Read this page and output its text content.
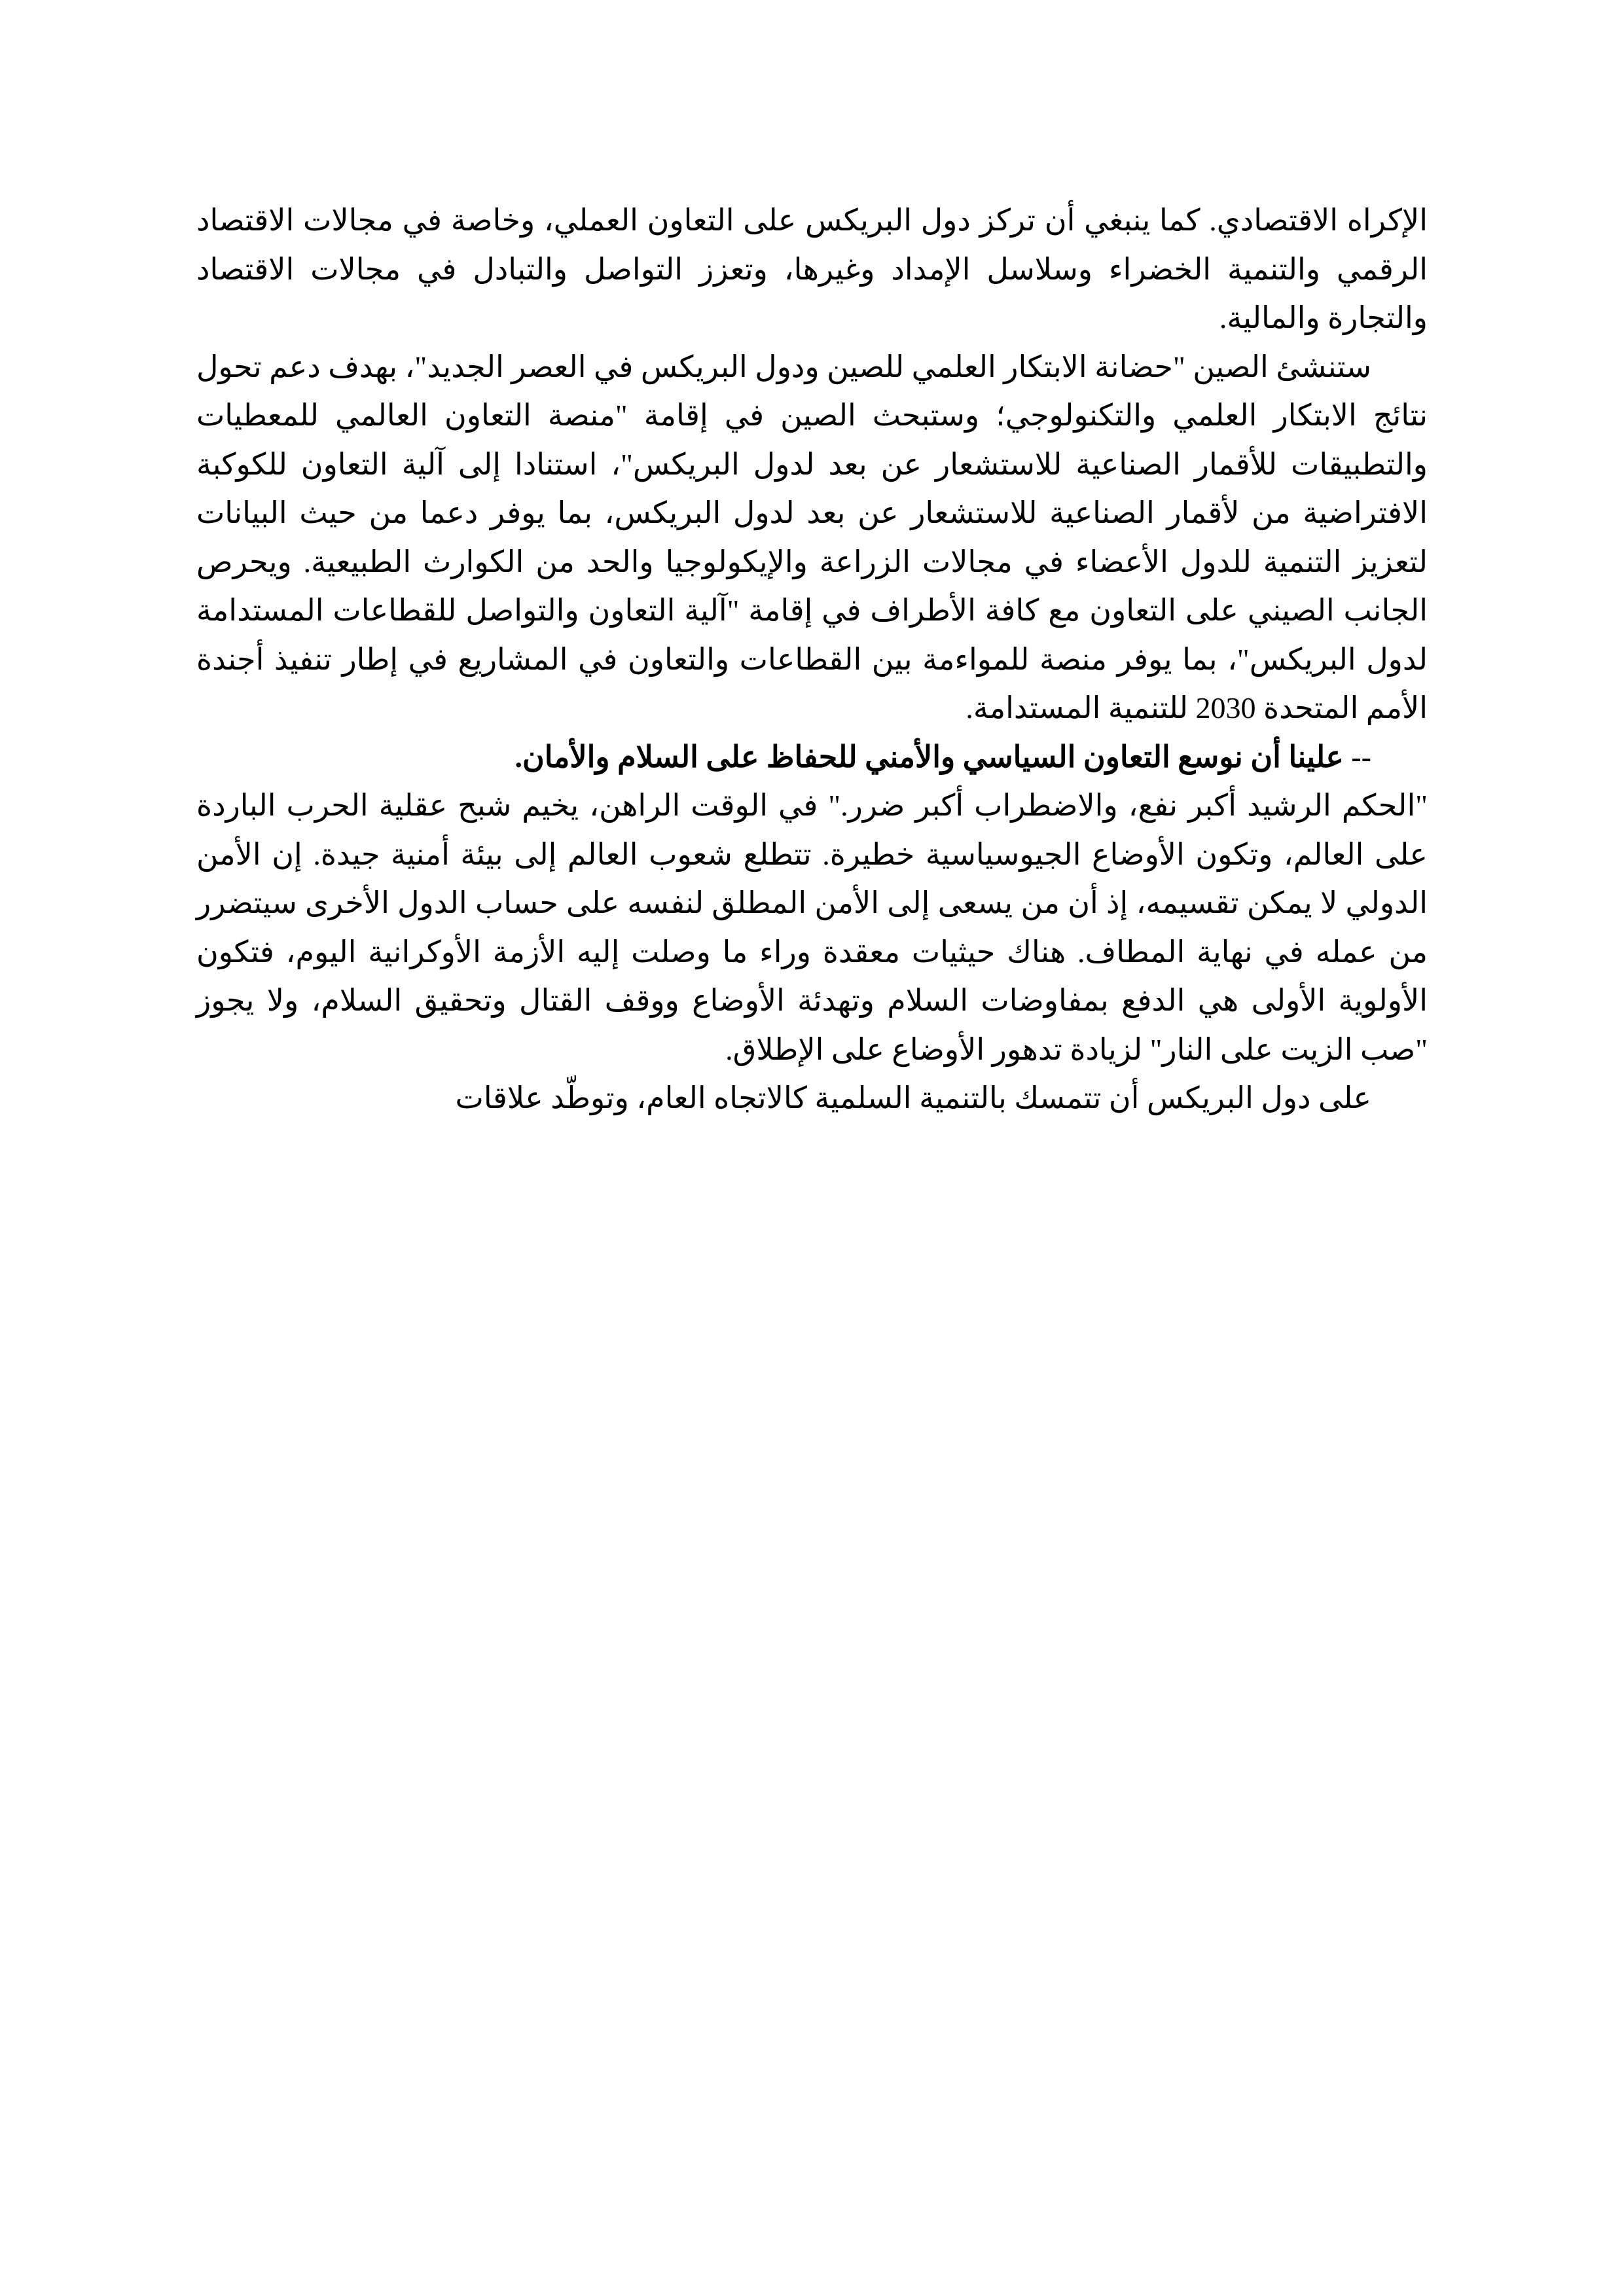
الإكراه الاقتصادي. كما ينبغي أن تركز دول البريكس على التعاون العملي، وخاصة في مجالات الاقتصاد الرقمي والتنمية الخضراء وسلاسل الإمداد وغيرها، وتعزز التواصل والتبادل في مجالات الاقتصاد والتجارة والمالية.

ستنشئ الصين "حضانة الابتكار العلمي للصين ودول البريكس في العصر الجديد"، بهدف دعم تحول نتائج الابتكار العلمي والتكنولوجي؛ وستبحث الصين في إقامة "منصة التعاون العالمي للمعطيات والتطبيقات للأقمار الصناعية للاستشعار عن بعد لدول البريكس"، استنادا إلى آلية التعاون للكوكبة الافتراضية من لأقمار الصناعية للاستشعار عن بعد لدول البريكس، بما يوفر دعما من حيث البيانات لتعزيز التنمية للدول الأعضاء في مجالات الزراعة والإيكولوجيا والحد من الكوارث الطبيعية. ويحرص الجانب الصيني على التعاون مع كافة الأطراف في إقامة "آلية التعاون والتواصل للقطاعات المستدامة لدول البريكس"، بما يوفر منصة للمواءمة بين القطاعات والتعاون في المشاريع في إطار تنفيذ أجندة الأمم المتحدة 2030 للتنمية المستدامة.

-- علينا أن نوسع التعاون السياسي والأمني للحفاظ على السلام والأمان.

"الحكم الرشيد أكبر نفع، والاضطراب أكبر ضرر." في الوقت الراهن، يخيم شبح عقلية الحرب الباردة على العالم، وتكون الأوضاع الجيوسياسية خطيرة. تتطلع شعوب العالم إلى بيئة أمنية جيدة. إن الأمن الدولي لا يمكن تقسيمه، إذ أن من يسعى إلى الأمن المطلق لنفسه على حساب الدول الأخرى سيتضرر من عمله في نهاية المطاف. هناك حيثيات معقدة وراء ما وصلت إليه الأزمة الأوكرانية اليوم، فتكون الأولوية الأولى هي الدفع بمفاوضات السلام وتهدئة الأوضاع ووقف القتال وتحقيق السلام، ولا يجوز "صب الزيت على النار" لزيادة تدهور الأوضاع على الإطلاق.

على دول البريكس أن تتمسك بالتنمية السلمية كالاتجاه العام، وتوطّد علاقات
